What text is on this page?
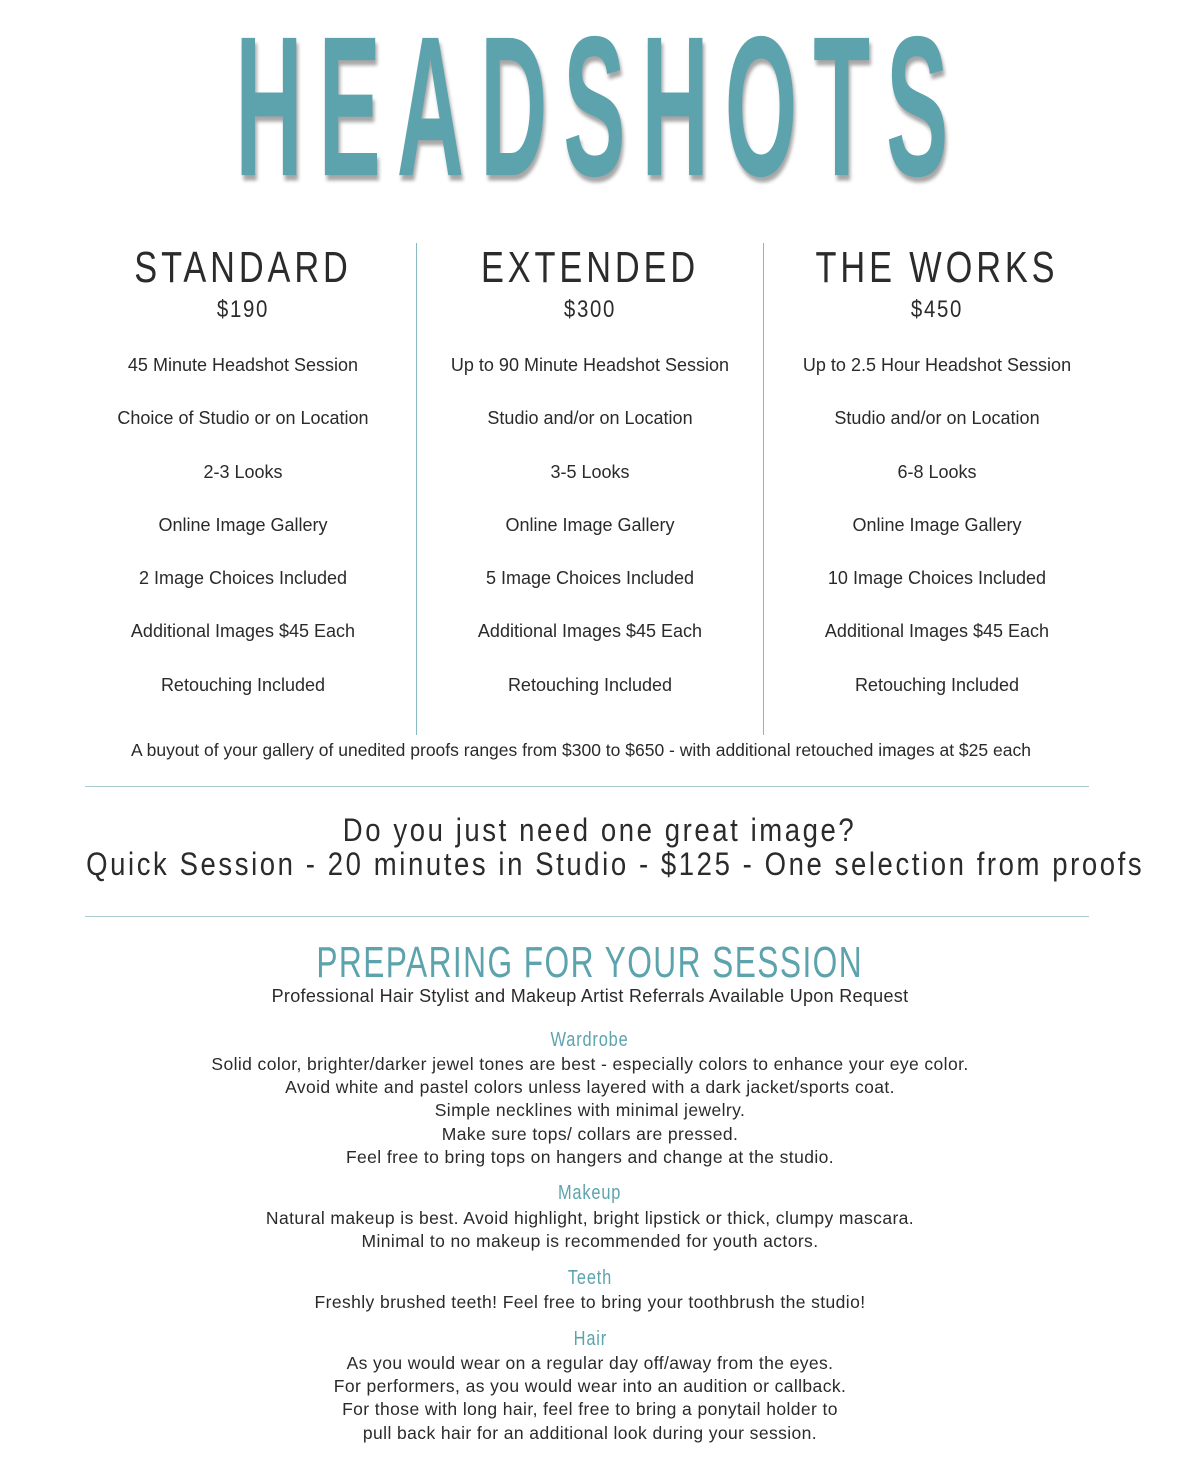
HEADSHOTS
STANDARD
$190
45 Minute Headshot Session
Choice of Studio or on Location
2-3 Looks
Online Image Gallery
2 Image Choices Included
Additional Images $45 Each
Retouching Included
EXTENDED
$300
Up to 90 Minute Headshot Session
Studio and/or on Location
3-5 Looks
Online Image Gallery
5 Image Choices Included
Additional Images $45 Each
Retouching Included
THE WORKS
$450
Up to 2.5 Hour Headshot Session
Studio and/or on Location
6-8 Looks
Online Image Gallery
10 Image Choices Included
Additional Images $45 Each
Retouching Included
A buyout of your gallery of unedited proofs ranges from $300 to $650 - with additional retouched images at $25 each
Do you just need one great image?
Quick Session - 20 minutes in Studio - $125 - One selection from proofs
PREPARING FOR YOUR SESSION
Professional Hair Stylist and Makeup Artist Referrals Available Upon Request
Wardrobe
Solid color, brighter/darker jewel tones are best - especially colors to enhance your eye color.
Avoid white and pastel colors unless layered with a dark jacket/sports coat.
Simple necklines with minimal jewelry.
Make sure tops/ collars are pressed.
Feel free to bring tops on hangers and change at the studio.
Makeup
Natural makeup is best. Avoid highlight, bright lipstick or thick, clumpy mascara.
Minimal to no makeup is recommended for youth actors.
Teeth
Freshly brushed teeth! Feel free to bring your toothbrush the studio!
Hair
As you would wear on a regular day off/away from the eyes.
For performers, as you would wear into an audition or callback.
For those with long hair, feel free to bring a ponytail holder to
pull back hair for an additional look during your session.
